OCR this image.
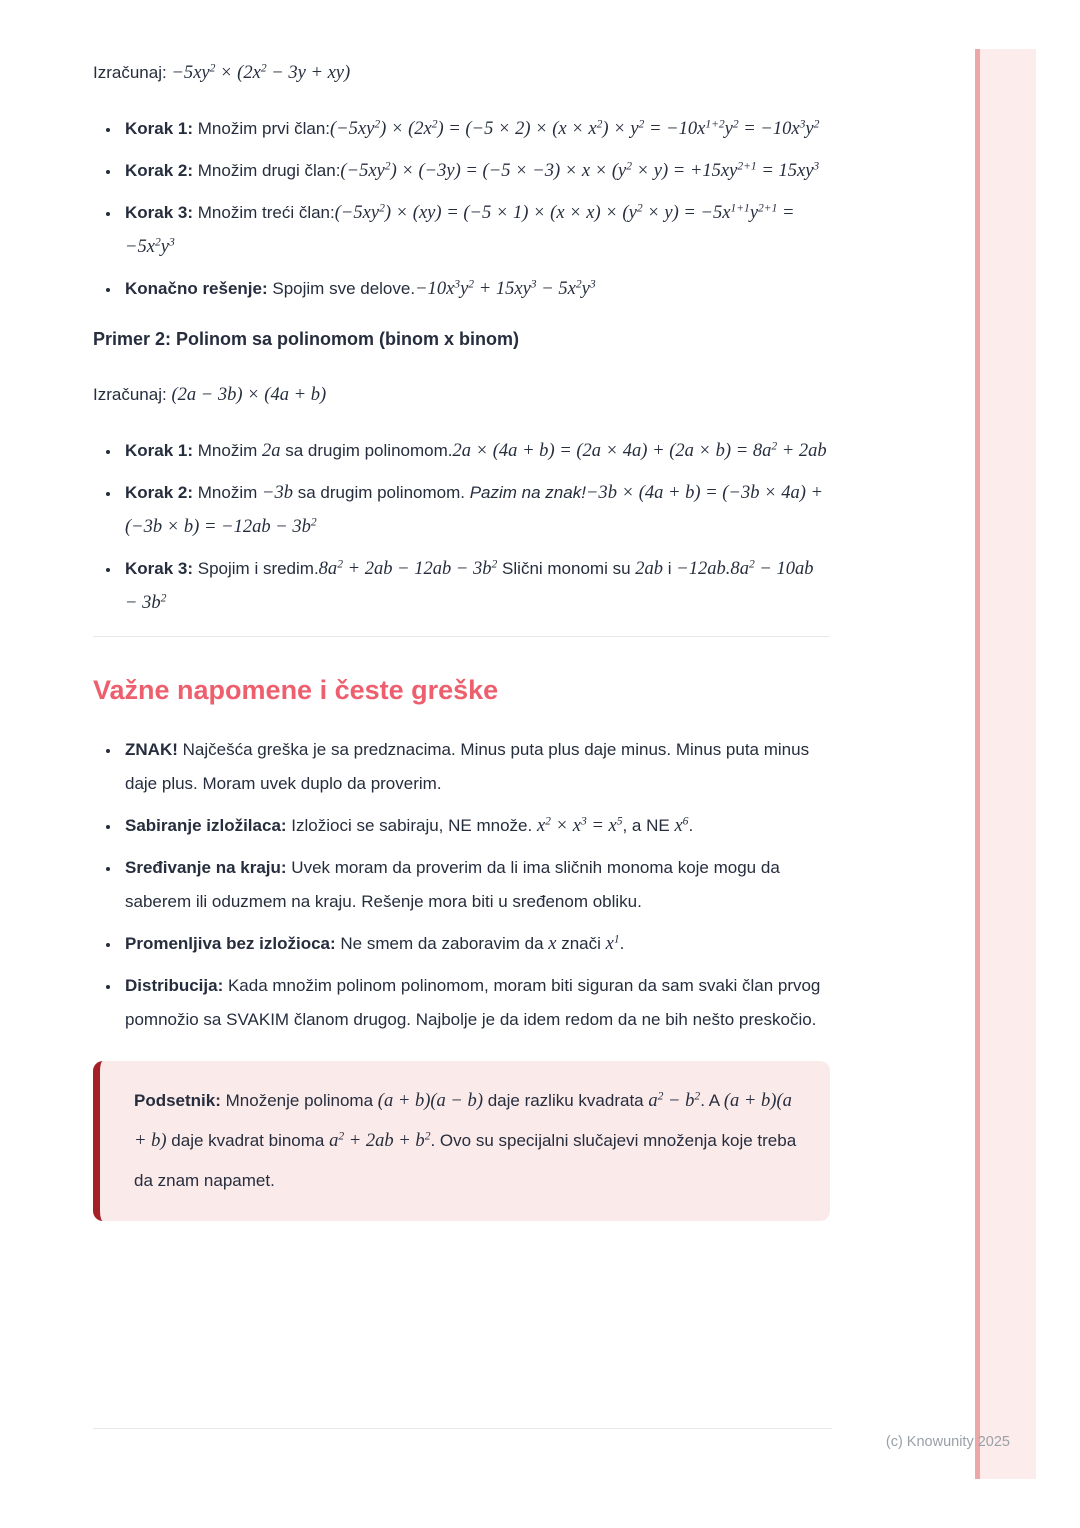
Izračunaj: $-5xy^2 \times (2x^2 - 3y + xy)$

• Korak 1: Množim prvi $član:(-5xy^2) \times (2x^2) = (-5 \times 2) \times (x \times x^2) \times y^2 = -10x^{1+2}y^2 = -10x^3y^2$
• Korak 2: Množim drugi $član:(-5xy^2) \times (-3y) = (-5 \times -3) \times x \times (y^2 \times y) = +15xy^{2+1} = 15xy^3$
• Korak 3: Množim treći $član:(-5xy^2) \times (xy) = (-5 \times 1) \times (x \times x) \times (y^2 \times y) = -5x^{1+1}y^{2+1} = -5x^2y^3$
• Konačno rešenje: Spojim sve $delove.-10x^3y^2 + 15xy^3 - 5x^2y^3$
Primer 2: Polinom sa polinomom (binom x binom)

Izračunaj: (2a − 3b) × (4a + b)

• Korak 1: Množim 2a sa drugim polinomom.2a × $(4a + b) = (2a \times 4a) + (2a \times b) = 8a^2 + 2ab$
• Korak 2: Množim −3b sa drugim polinomom. Pazim na znak!−3b × $(4a + b) = (-3b \times 4a) + (-3b \times b) = -12ab - 3b^2$
• Korak 3: Spojim i $sredim.8a^2 + 2ab - 12ab - 3b^2$ Slični monomi su 2ab $i -12ab.8a^2 - 10ab - 3b^2$
Važne napomene i česte greške
• ZNAK! Najčešća greška je sa predznacima. Minus puta plus daje minus. Minus puta minus daje plus. Moram uvek duplo da proverim.
• Sabiranje izložilaca: Izložioci se sabiraju, NE množe. $x^2 \times x^3 = x^5$, a NE $x^6$.
• Sređivanje na kraju: Uvek moram da proverim da li ima sličnih monoma koje mogu da saberem ili oduzmem na kraju. Rešenje mora biti u sređenom obliku.
• Promenljiva bez izložioca: Ne smem da zaboravim da x znači $x^1$.
• Distribucija: Kada množim polinom polinomom, moram biti siguran da sam svaki član prvog pomnožio sa SVAKIM članom drugog. Najbolje je da idem redom da ne bih nešto preskočio.

Podsetnik: Množenje polinoma (a + b)(a − b) daje razliku kvadrata $a^2 - b^2$. A (a + b)(a + b) daje kvadrat binoma $a^2 + 2ab + b^2$. Ovo su specijalni slučajevi množenja koje treba da znam napamet.

(c) Knowunity 2025
